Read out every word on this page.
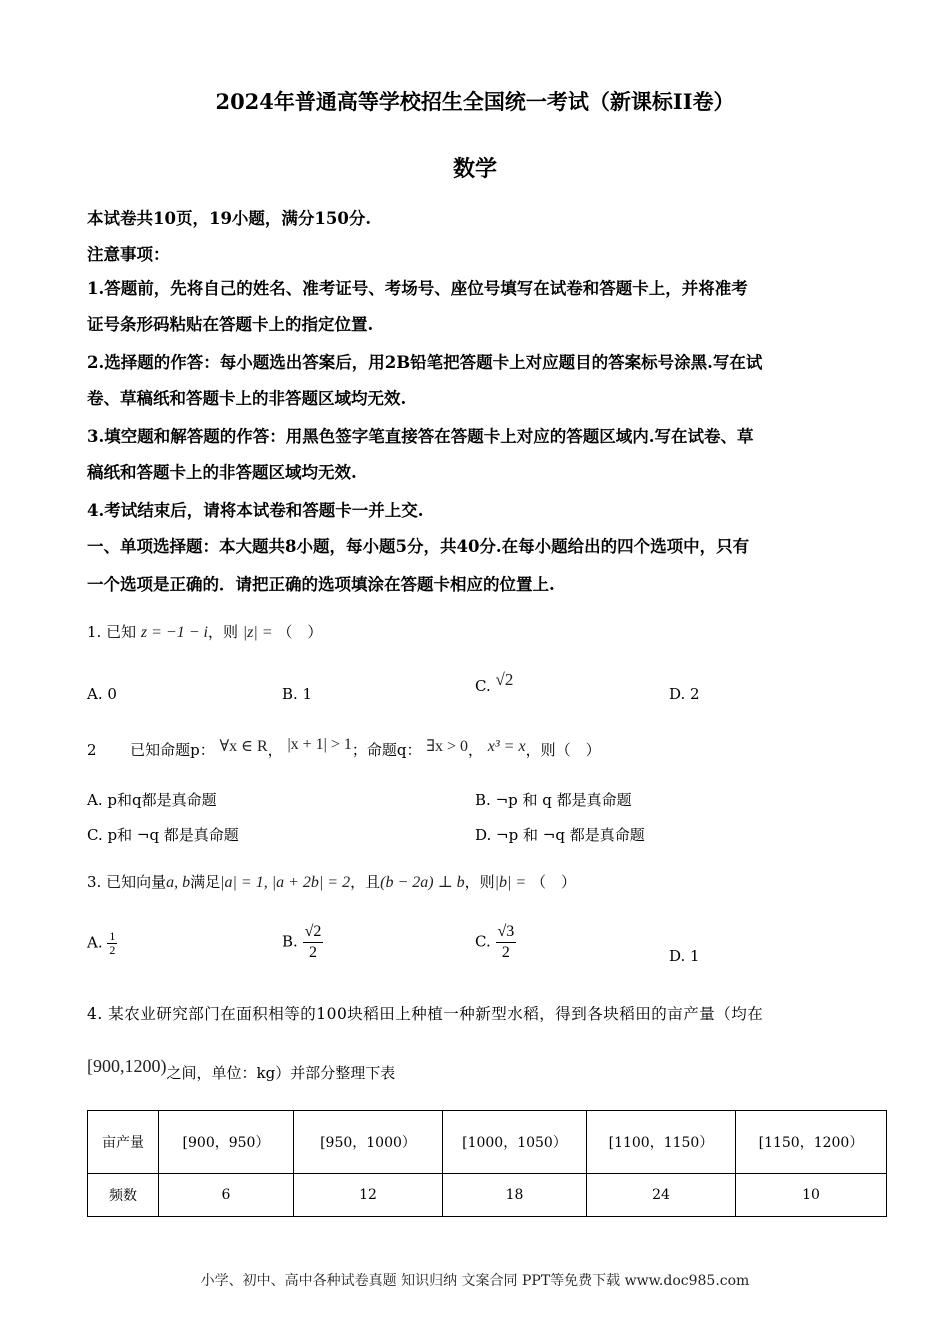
2024年普通高等学校招生全国统一考试（新课标II卷）
数学
本试卷共10页，19小题，满分150分.
注意事项：
1.答题前，先将自己的姓名、准考证号、考场号、座位号填写在试卷和答题卡上，并将准考
证号条形码粘贴在答题卡上的指定位置.
2.选择题的作答：每小题选出答案后，用2B铅笔把答题卡上对应题目的答案标号涂黑.写在试
卷、草稿纸和答题卡上的非答题区域均无效.
3.填空题和解答题的作答：用黑色签字笔直接答在答题卡上对应的答题区域内.写在试卷、草
稿纸和答题卡上的非答题区域均无效.
4.考试结束后，请将本试卷和答题卡一并上交.
一、单项选择题：本大题共8小题，每小题5分，共40分.在每小题给出的四个选项中，只有
一个选项是正确的．请把正确的选项填涂在答题卡相应的位置上.
1. 已知 z = −1 − i，则 |z| = （　）
A. 0	B. 1	C. √2
D. 2
2 已知命题p： ∀x ∈ R， |x + 1| > 1；命题q： ∃x > 0， x³ = x，则（　）
A. p和q都是真命题	B. ¬p 和 q 都是真命题
C. p和 ¬q 都是真命题	D. ¬p 和 ¬q 都是真命题
3. 已知向量a, b满足|a| = 1, |a + 2b| = 2，且(b − 2a) ⊥ b，则|b| = （　）
A. $\frac{1}{2}$	B. $\frac{√2}{2}$	C. $\frac{√3}{2}$	D. 1
4. 某农业研究部门在面积相等的100块稻田上种植一种新型水稻，得到各块稻田的亩产量（均在
[900,1200)之间，单位：kg）并部分整理下表
亩产量	[900，950）	[950，1000）	[1000，1050）	[1100，1150）	[1150，1200）
频数	6	12	18	24	10
小学、初中、高中各种试卷真题 知识归纳 文案合同 PPT等免费下载 www.doc985.com
